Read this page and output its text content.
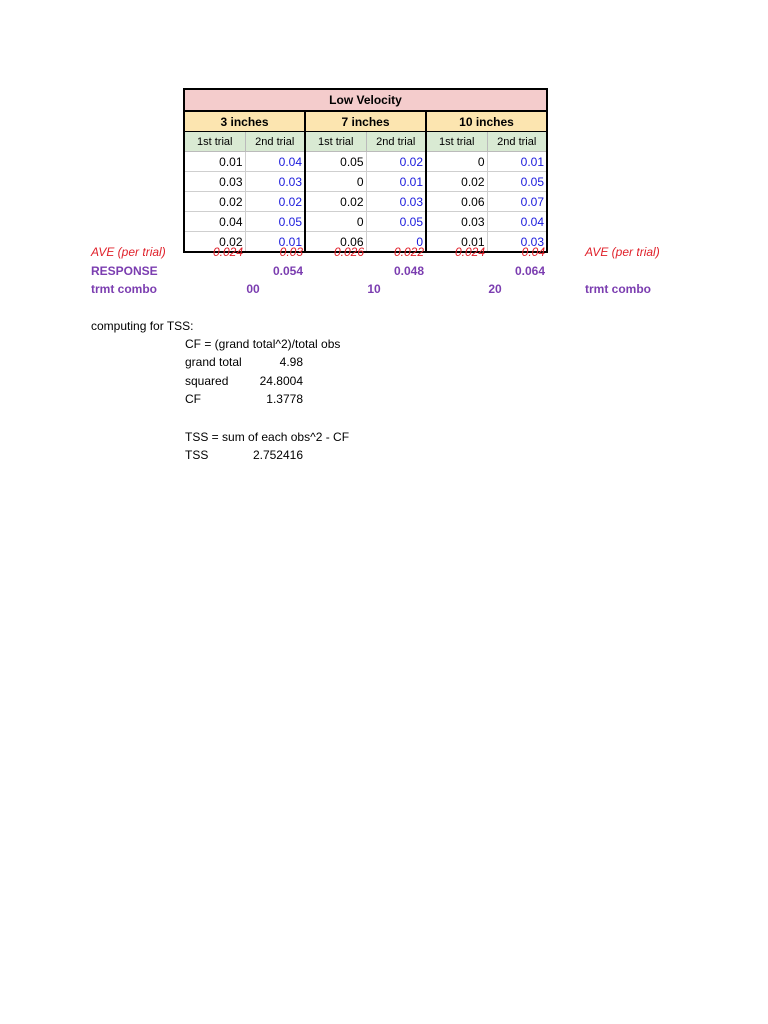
Low Velocity					
3 inches		7 inches		10 inches	
1st trial	2nd trial	1st trial	2nd trial	1st trial	2nd trial
0.01	0.04	0.05	0.02	0	0.01
0.03	0.03	0	0.01	0.02	0.05
0.02	0.02	0.02	0.03	0.06	0.07
0.04	0.05	0	0.05	0.03	0.04
0.02	0.01	0.06	0	0.01	0.03
AVE (per trial)	0.024	0.03	0.026	0.022	0.024	0.04	AVE (per trial)
RESPONSE	0.054	0.048	0.064
trmt combo	00	10	20	trmt combo
computing for TSS:
CF = (grand total^2)/total obs
grand total	4.98
squared	24.8004
CF	1.3778
TSS = sum of each obs^2 - CF
TSS	2.752416
